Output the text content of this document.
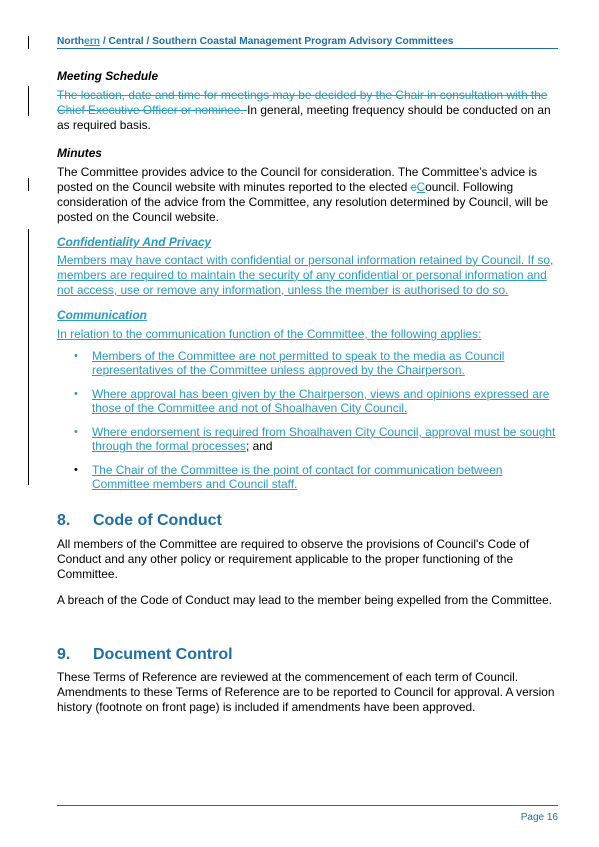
Northern / Central / Southern Coastal Management Program Advisory Committees
Meeting Schedule
The location, date and time for meetings may be decided by the Chair in consultation with the Chief Executive Officer or nominee. In general, meeting frequency should be conducted on an as required basis.
Minutes
The Committee provides advice to the Council for consideration. The Committee’s advice is posted on the Council website with minutes reported to the elected cCouncil. Following consideration of the advice from the Committee, any resolution determined by Council, will be posted on the Council website.
Confidentiality And Privacy
Members may have contact with confidential or personal information retained by Council. If so, members are required to maintain the security of any confidential or personal information and not access, use or remove any information, unless the member is authorised to do so.
Communication
In relation to the communication function of the Committee, the following applies:
• Members of the Committee are not permitted to speak to the media as Council representatives of the Committee unless approved by the Chairperson.
• Where approval has been given by the Chairperson, views and opinions expressed are those of the Committee and not of Shoalhaven City Council.
• Where endorsement is required from Shoalhaven City Council, approval must be sought through the formal processes; and
• The Chair of the Committee is the point of contact for communication between Committee members and Council staff.
8. Code of Conduct
All members of the Committee are required to observe the provisions of Council's Code of Conduct and any other policy or requirement applicable to the proper functioning of the Committee.
A breach of the Code of Conduct may lead to the member being expelled from the Committee.
9. Document Control
These Terms of Reference are reviewed at the commencement of each term of Council. Amendments to these Terms of Reference are to be reported to Council for approval. A version history (footnote on front page) is included if amendments have been approved.
Page 16
